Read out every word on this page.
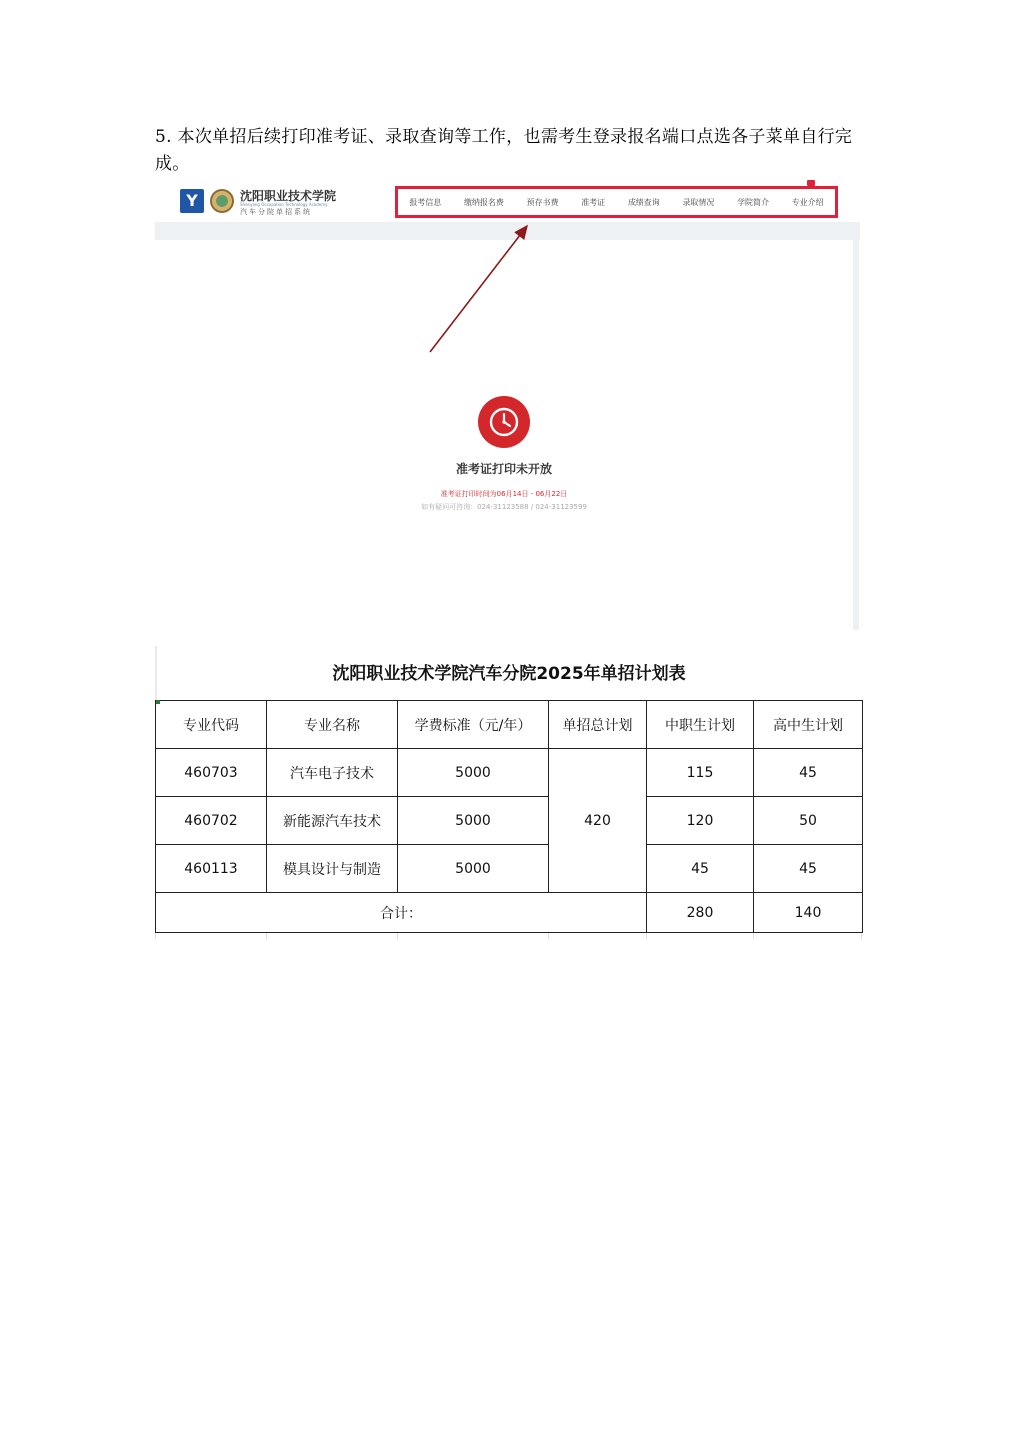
5. 本次单招后续打印准考证、录取查询等工作，也需考生登录报名端口点选各子菜单自行完成。
Y	沈阳职业技术学院
Shenyang Occupation Technology Academy
汽车分院单招系统
报考信息	缴纳报名费	预存书费	准考证	成绩查询	录取情况	学院简介	专业介绍
准考证打印未开放
准考证打印时间为06月14日 - 06月22日
如有疑问可咨询：024-31123588 / 024-31123599
沈阳职业技术学院汽车分院2025年单招计划表
专业代码	专业名称	学费标准（元/年）	单招总计划	中职生计划	高中生计划
460703	汽车电子技术	5000	420	115	45
460702	新能源汽车技术	5000		120	50
460113	模具设计与制造	5000		45	45
合计：				280	140
